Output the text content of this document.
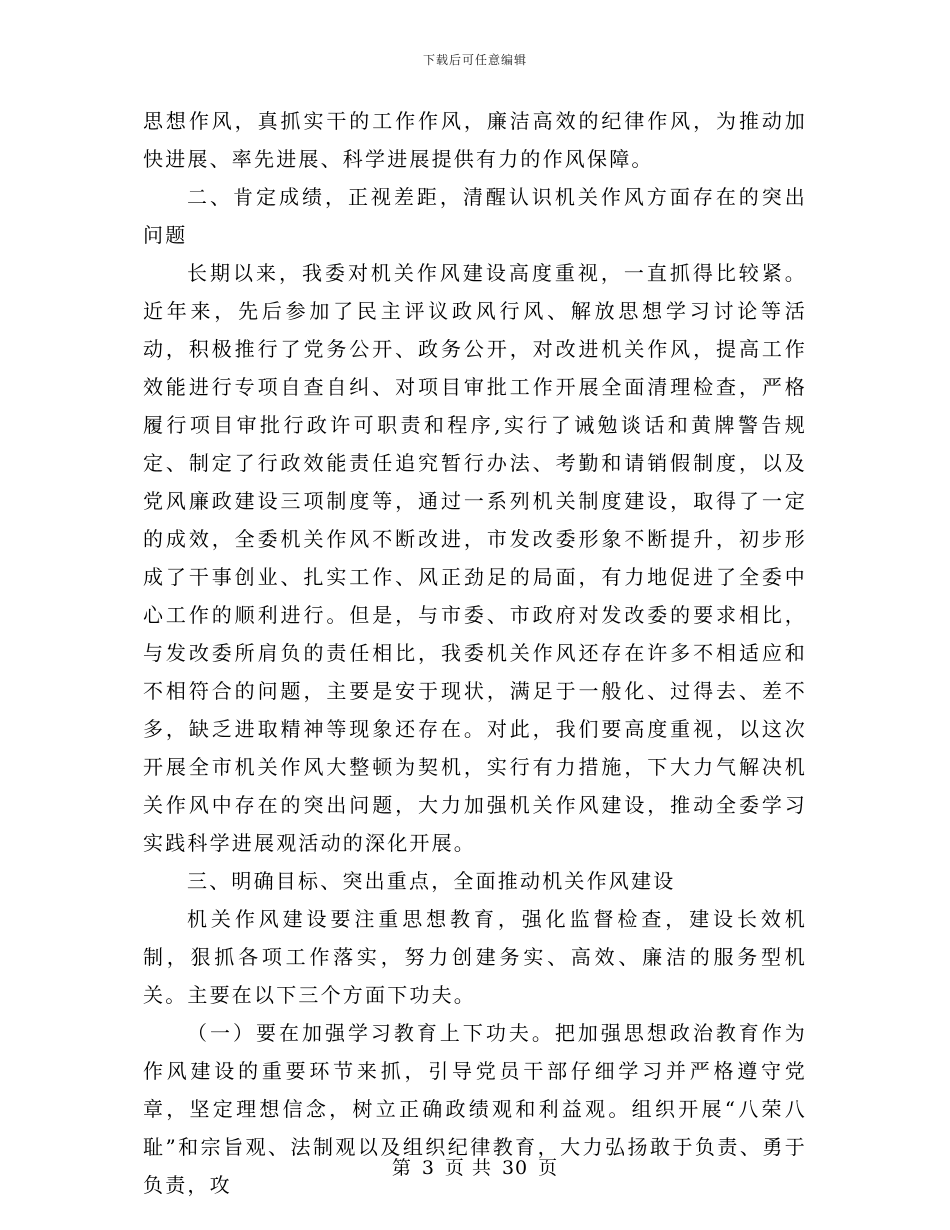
下载后可任意编辑

思想作风，真抓实干的工作作风，廉洁高效的纪律作风，为推动加快进展、率先进展、科学进展提供有力的作风保障。

二、肯定成绩，正视差距，清醒认识机关作风方面存在的突出问题

长期以来，我委对机关作风建设高度重视，一直抓得比较紧。近年来，先后参加了民主评议政风行风、解放思想学习讨论等活动，积极推行了党务公开、政务公开，对改进机关作风，提高工作效能进行专项自查自纠、对项目审批工作开展全面清理检查，严格履行项目审批行政许可职责和程序,实行了诫勉谈话和黄牌警告规定、制定了行政效能责任追究暂行办法、考勤和请销假制度，以及党风廉政建设三项制度等，通过一系列机关制度建设，取得了一定的成效，全委机关作风不断改进，市发改委形象不断提升，初步形成了干事创业、扎实工作、风正劲足的局面，有力地促进了全委中心工作的顺利进行。但是，与市委、市政府对发改委的要求相比，与发改委所肩负的责任相比，我委机关作风还存在许多不相适应和不相符合的问题，主要是安于现状，满足于一般化、过得去、差不多，缺乏进取精神等现象还存在。对此，我们要高度重视，以这次开展全市机关作风大整顿为契机，实行有力措施，下大力气解决机关作风中存在的突出问题，大力加强机关作风建设，推动全委学习实践科学进展观活动的深化开展。

三、明确目标、突出重点，全面推动机关作风建设

机关作风建设要注重思想教育，强化监督检查，建设长效机制，狠抓各项工作落实，努力创建务实、高效、廉洁的服务型机关。主要在以下三个方面下功夫。

（一）要在加强学习教育上下功夫。把加强思想政治教育作为作风建设的重要环节来抓，引导党员干部仔细学习并严格遵守党章，坚定理想信念，树立正确政绩观和利益观。组织开展“八荣八耻”和宗旨观、法制观以及组织纪律教育，大力弘扬敢于负责、勇于负责，攻

第 3 页 共 30 页
